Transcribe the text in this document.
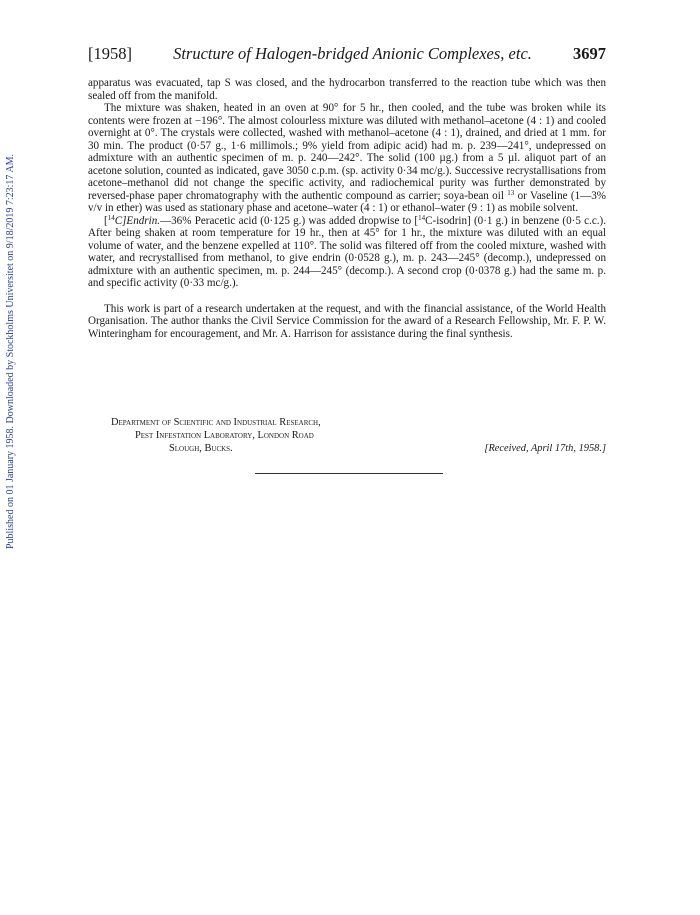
Published on 01 January 1958. Downloaded by Stockholms Universitet on 9/18/2019 7:23:17 AM.
[1958] Structure of Halogen-bridged Anionic Complexes, etc. 3697

apparatus was evacuated, tap S was closed, and the hydrocarbon transferred to the reaction tube which was then sealed off from the manifold.

The mixture was shaken, heated in an oven at 90° for 5 hr., then cooled, and the tube was broken while its contents were frozen at −196°. The almost colourless mixture was diluted with methanol–acetone (4 : 1) and cooled overnight at 0°. The crystals were collected, washed with methanol–acetone (4 : 1), drained, and dried at 1 mm. for 30 min. The product (0·57 g., 1·6 millimols.; 9% yield from adipic acid) had m. p. 239—241°, undepressed on admixture with an authentic specimen of m. p. 240—242°. The solid (100 µg.) from a 5 µl. aliquot part of an acetone solution, counted as indicated, gave 3050 c.p.m. (sp. activity 0·34 mc/g.). Successive recrystallisations from acetone–methanol did not change the specific activity, and radiochemical purity was further demonstrated by reversed-phase paper chromatography with the authentic compound as carrier; soya-bean oil $^{13}$ or Vaseline (1—3% v/v in ether) was used as stationary phase and acetone–water (4 : 1) or ethanol–water (9 : 1) as mobile solvent.

[$^{14}$C]Endrin.—36% Peracetic acid (0·125 g.) was added dropwise to [$^{14}$C-isodrin] (0·1 g.) in benzene (0·5 c.c.). After being shaken at room temperature for 19 hr., then at 45° for 1 hr., the mixture was diluted with an equal volume of water, and the benzene expelled at 110°. The solid was filtered off from the cooled mixture, washed with water, and recrystallised from methanol, to give endrin (0·0528 g.), m. p. 243—245° (decomp.), undepressed on admixture with an authentic specimen, m. p. 244—245° (decomp.). A second crop (0·0378 g.) had the same m. p. and specific activity (0·33 mc/g.).

This work is part of a research undertaken at the request, and with the financial assistance, of the World Health Organisation. The author thanks the Civil Service Commission for the award of a Research Fellowship, Mr. F. P. W. Winteringham for encouragement, and Mr. A. Harrison for assistance during the final synthesis.

Department of Scientific and Industrial Research,
Pest Infestation Laboratory, London Road
Slough, Bucks.	[Received, April 17th, 1958.]
